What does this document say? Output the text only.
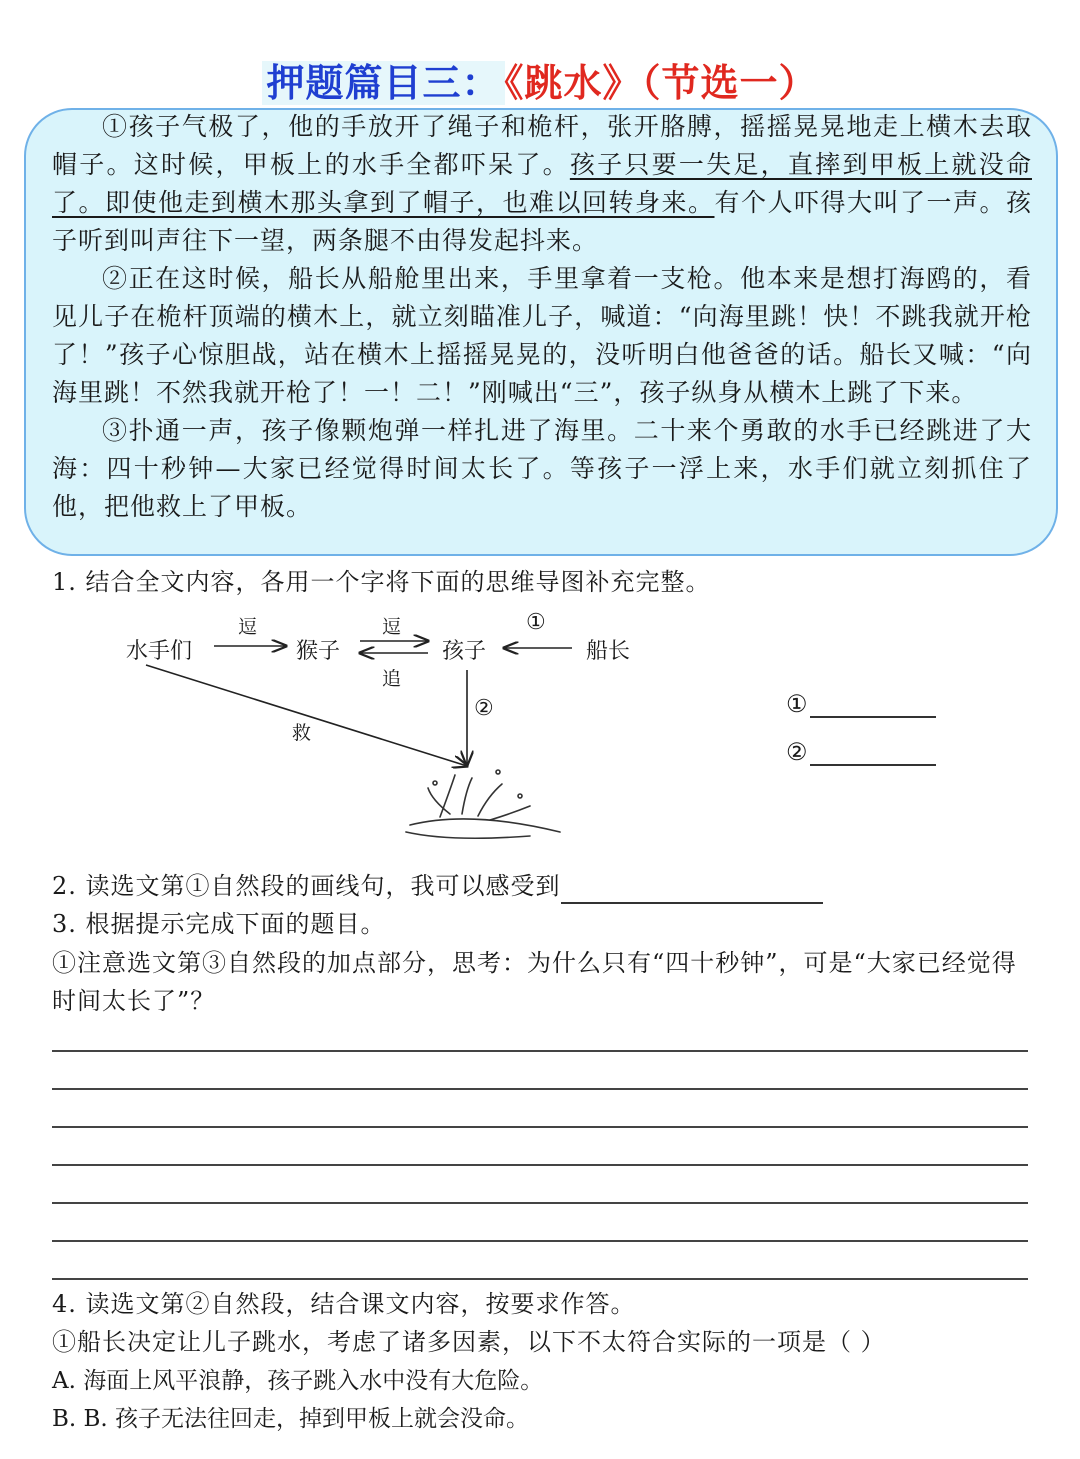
押题篇目三： 《跳水》（节选一）

①孩子气极了，他的手放开了绳子和桅杆，张开胳膊，摇摇晃晃地走上横木去取帽子。这时候，甲板上的水手全都吓呆了。孩子只要一失足，直摔到甲板上就没命了。即使他走到横木那头拿到了帽子，也难以回转身来。有个人吓得大叫了一声。孩子听到叫声往下一望，两条腿不由得发起抖来。

②正在这时候，船长从船舱里出来，手里拿着一支枪。他本来是想打海鸥的，看见儿子在桅杆顶端的横木上，就立刻瞄准儿子，喊道：“向海里跳！快！不跳我就开枪了！”孩子心惊胆战，站在横木上摇摇晃晃的，没听明白他爸爸的话。船长又喊：“向海里跳！不然我就开枪了！一！二！”刚喊出“三”，孩子纵身从横木上跳了下来。

③扑通一声，孩子像颗炮弹一样扎进了海里。二十来个勇敢的水手已经跳进了大海：四十秒钟—大家已经觉得时间太长了。等孩子一浮上来，水手们就立刻抓住了他，把他救上了甲板。

1. 结合全文内容，各用一个字将下面的思维导图补充完整。
水手们	猴子	孩子	船长
逗	逗
追
①
②
救
①
②
2. 读选文第①自然段的画线句，我可以感受到
3. 根据提示完成下面的题目。
①注意选文第③自然段的加点部分，思考：为什么只有“四十秒钟”，可是“大家已经觉得时间太长了”？
4. 读选文第②自然段，结合课文内容，按要求作答。
①船长决定让儿子跳水，考虑了诸多因素，以下不太符合实际的一项是（ ）
A. 海面上风平浪静，孩子跳入水中没有大危险。
B. B. 孩子无法往回走，掉到甲板上就会没命。
